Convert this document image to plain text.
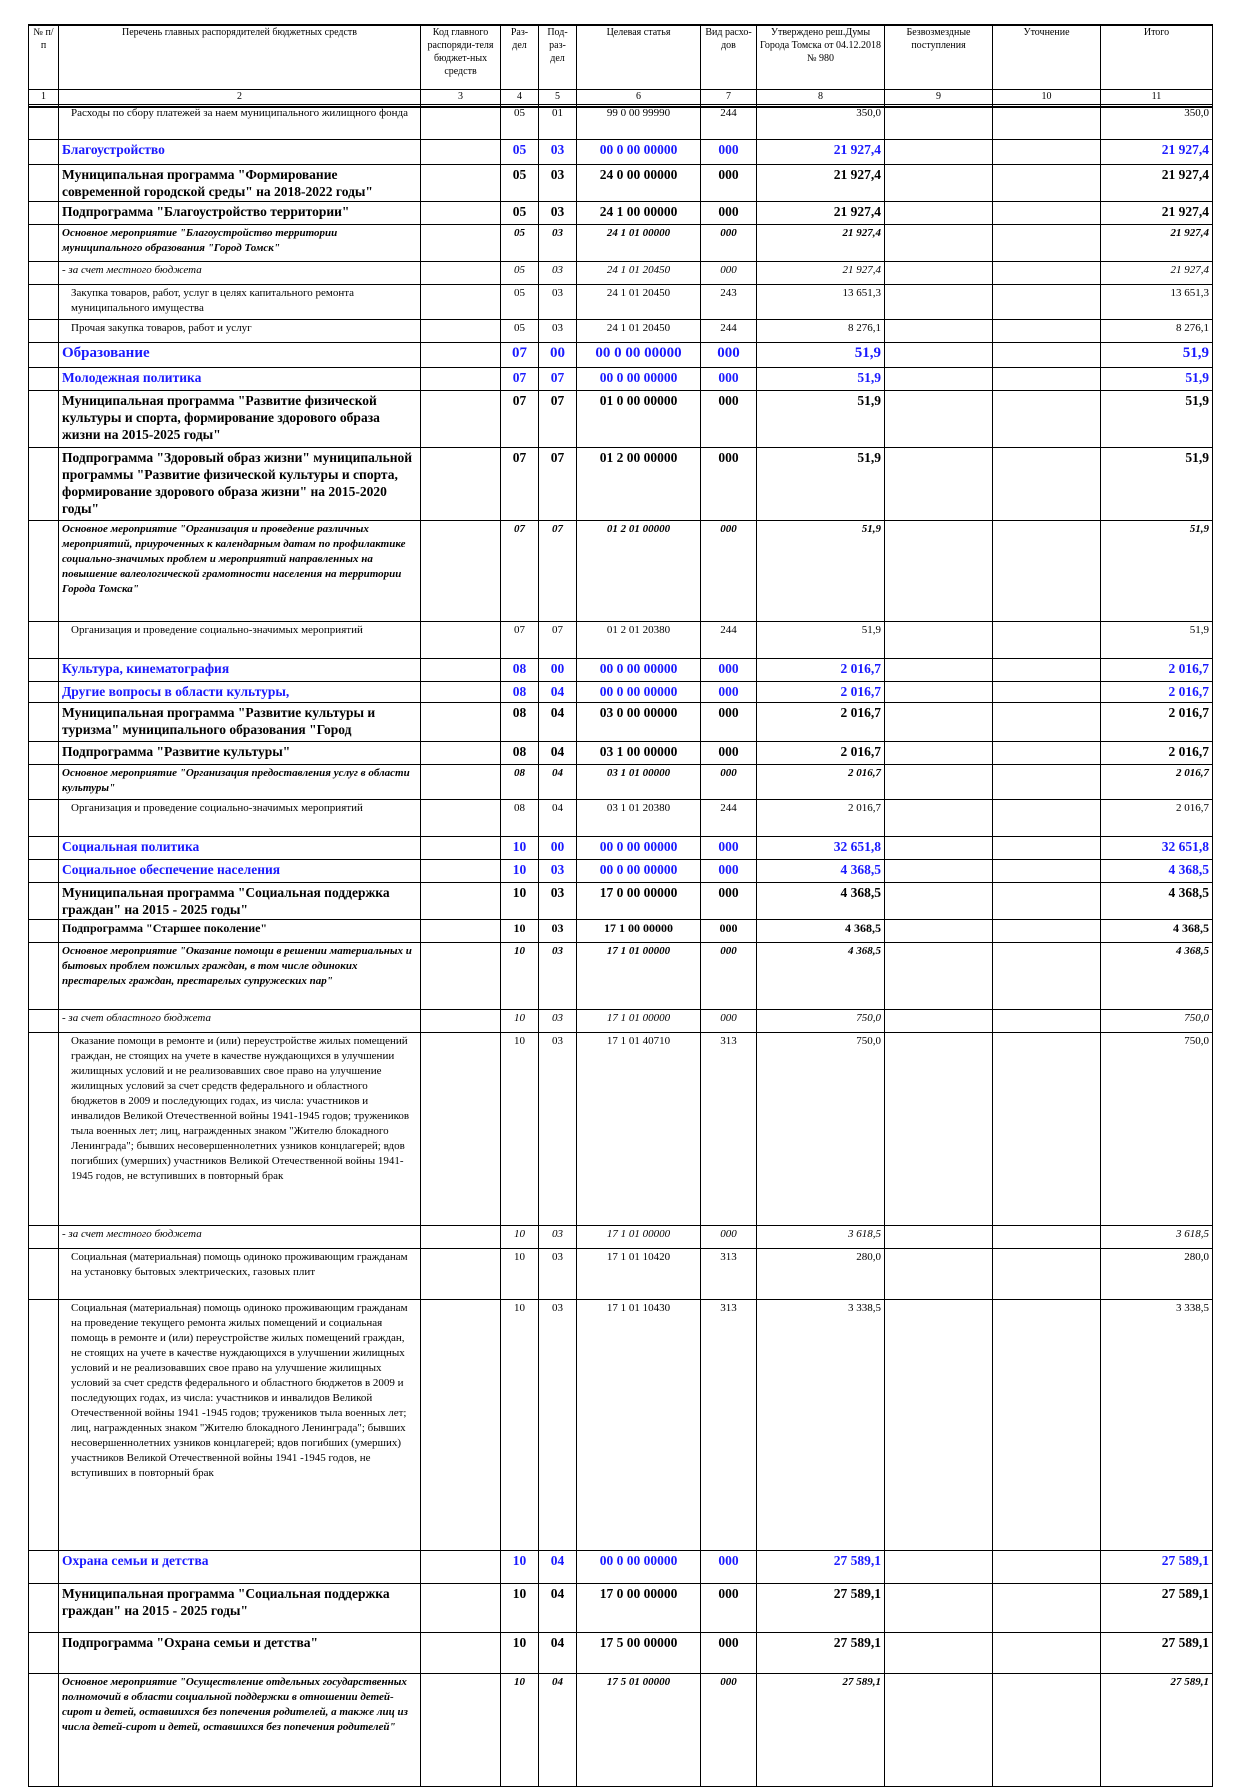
№ п/п	Перечень главных распорядителей бюджетных средств	Код главного распоряди-теля бюджет-ных средств	Раз-дел	Под-раз-дел	Целевая статья	Вид расхо-дов	Утверждено реш.Думы Города Томска от 04.12.2018 № 980	Безвозмездные поступления	Уточнение	Итого
1	2	3	4	5	6	7	8	9	10	11
	Расходы по сбору платежей за наем муниципального жилищного фонда		05	01	99 0 00 99990	244	350,0			350,0
	Благоустройство		05	03	00 0 00 00000	000	21 927,4			21 927,4
	Муниципальная программа "Формирование современной городской среды" на 2018-2022 годы"		05	03	24 0 00 00000	000	21 927,4			21 927,4
	Подпрограмма "Благоустройство территории"		05	03	24 1 00 00000	000	21 927,4			21 927,4
	Основное мероприятие "Благоустройство территории муниципального образования "Город Томск"		05	03	24 1 01 00000	000	21 927,4			21 927,4
	- за счет местного бюджета		05	03	24 1 01 20450	000	21 927,4			21 927,4
	Закупка товаров, работ, услуг в целях капитального ремонта муниципального имущества		05	03	24 1 01 20450	243	13 651,3			13 651,3
	Прочая закупка товаров, работ и услуг		05	03	24 1 01 20450	244	8 276,1			8 276,1
	Образование		07	00	00 0 00 00000	000	51,9			51,9
	Молодежная политика		07	07	00 0 00 00000	000	51,9			51,9
	Муниципальная программа "Развитие физической культуры и спорта, формирование здорового образа жизни на 2015-2025 годы"		07	07	01 0 00 00000	000	51,9			51,9
	Подпрограмма "Здоровый образ жизни" муниципальной программы "Развитие физической культуры и спорта, формирование здорового образа жизни" на 2015-2020 годы"		07	07	01 2 00 00000	000	51,9			51,9
	Основное мероприятие "Организация и проведение различных мероприятий, приуроченных к календарным датам по профилактике социально-значимых проблем и мероприятий направленных на повышение валеологической грамотности населения на территории Города Томска"		07	07	01 2 01 00000	000	51,9			51,9
	Организация и проведение социально-значимых мероприятий		07	07	01 2 01 20380	244	51,9			51,9
	Культура, кинематография		08	00	00 0 00 00000	000	2 016,7			2 016,7
	Другие вопросы в области культуры,		08	04	00 0 00 00000	000	2 016,7			2 016,7
	Муниципальная программа "Развитие культуры и туризма" муниципального образования "Город		08	04	03 0 00 00000	000	2 016,7			2 016,7
	Подпрограмма "Развитие культуры"		08	04	03 1 00 00000	000	2 016,7			2 016,7
	Основное мероприятие "Организация предоставления услуг в области культуры"		08	04	03 1 01 00000	000	2 016,7			2 016,7
	Организация и проведение социально-значимых мероприятий		08	04	03 1 01 20380	244	2 016,7			2 016,7
	Социальная политика		10	00	00 0 00 00000	000	32 651,8			32 651,8
	Социальное обеспечение населения		10	03	00 0 00 00000	000	4 368,5			4 368,5
	Муниципальная программа "Социальная поддержка граждан" на 2015 - 2025 годы"		10	03	17 0 00 00000	000	4 368,5			4 368,5
	Подпрограмма "Старшее поколение"		10	03	17 1 00 00000	000	4 368,5			4 368,5
	Основное мероприятие "Оказание помощи в решении материальных и бытовых проблем пожилых граждан, в том числе одиноких престарелых граждан, престарелых супружеских пар"		10	03	17 1 01 00000	000	4 368,5			4 368,5
	- за счет областного бюджета		10	03	17 1 01 00000	000	750,0			750,0
	Оказание помощи в ремонте и (или) переустройстве жилых помещений граждан, не стоящих на учете в качестве нуждающихся в улучшении жилищных условий и не реализовавших свое право на улучшение жилищных условий за счет средств федерального и областного бюджетов в 2009 и последующих годах, из числа: участников и инвалидов Великой Отечественной войны 1941-1945 годов; тружеников тыла военных лет; лиц, награжденных знаком "Жителю блокадного Ленинграда"; бывших несовершеннолетних узников концлагерей; вдов погибших (умерших) участников Великой Отечественной войны 1941-1945 годов, не вступивших в повторный брак		10	03	17 1 01 40710	313	750,0			750,0
	- за счет местного бюджета		10	03	17 1 01 00000	000	3 618,5			3 618,5
	Социальная (материальная) помощь одиноко проживающим гражданам на установку бытовых электрических, газовых плит		10	03	17 1 01 10420	313	280,0			280,0
	Социальная (материальная) помощь одиноко проживающим гражданам на проведение текущего ремонта жилых помещений и социальная помощь в ремонте и (или) переустройстве жилых помещений граждан, не стоящих на учете в качестве нуждающихся в улучшении жилищных условий и не реализовавших свое право на улучшение жилищных условий за счет средств федерального и областного бюджетов в 2009 и последующих годах, из числа: участников и инвалидов Великой Отечественной войны 1941 -1945 годов; тружеников тыла военных лет; лиц, награжденных знаком "Жителю блокадного Ленинграда"; бывших несовершеннолетних узников концлагерей; вдов погибших (умерших) участников Великой Отечественной войны 1941 -1945 годов, не вступивших в повторный брак		10	03	17 1 01 10430	313	3 338,5			3 338,5
	Охрана семьи и детства		10	04	00 0 00 00000	000	27 589,1			27 589,1
	Муниципальная программа "Социальная поддержка граждан" на 2015 - 2025 годы"		10	04	17 0 00 00000	000	27 589,1			27 589,1
	Подпрограмма "Охрана семьи и детства"		10	04	17 5 00 00000	000	27 589,1			27 589,1
	Основное мероприятие "Осуществление отдельных государственных полномочий в области социальной поддержки в отношении детей-сирот и детей, оставшихся без попечения родителей, а также лиц из числа детей-сирот и детей, оставшихся без попечения родителей"		10	04	17 5 01 00000	000	27 589,1			27 589,1
